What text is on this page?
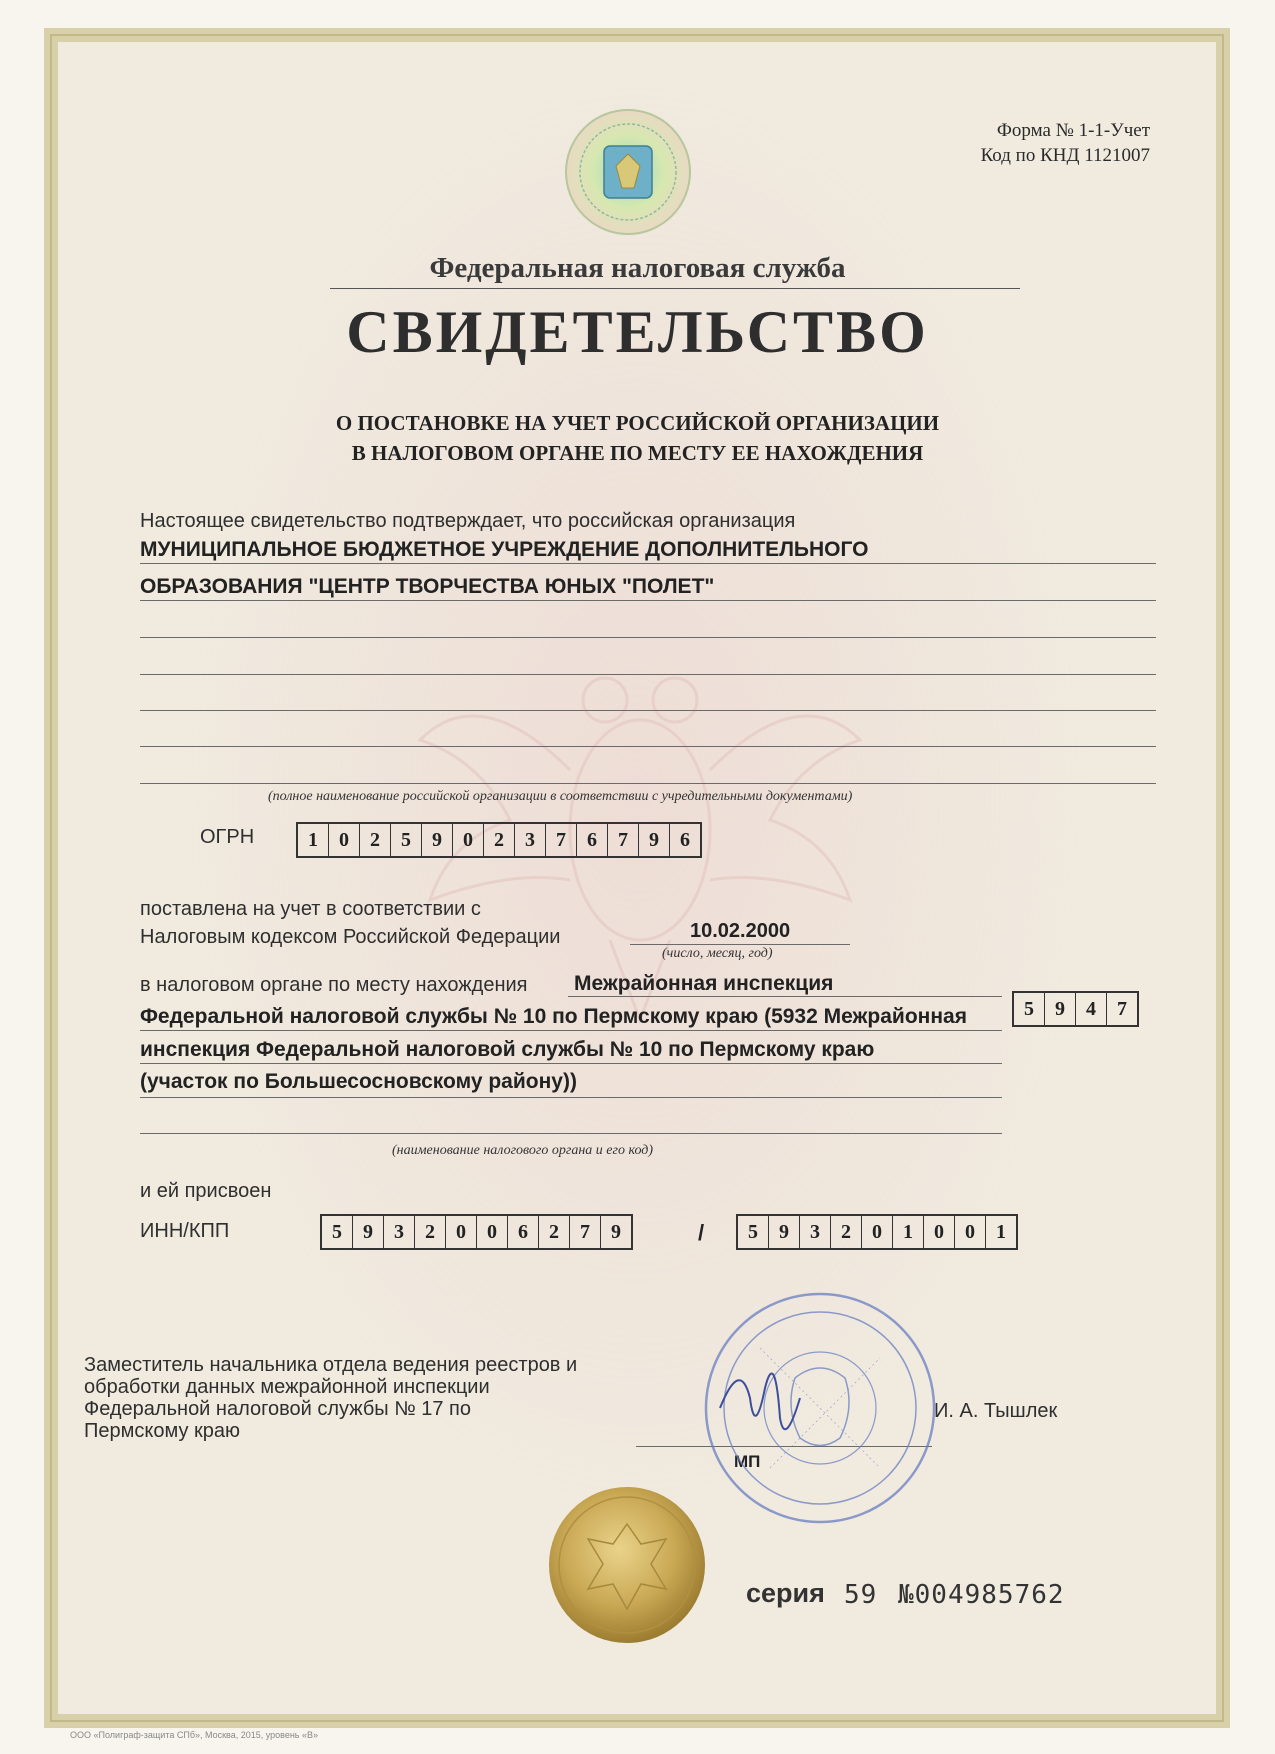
Форма № 1-1-Учет
Код по КНД 1121007
Федеральная налоговая служба
СВИДЕТЕЛЬСТВО
О ПОСТАНОВКЕ НА УЧЕТ РОССИЙСКОЙ ОРГАНИЗАЦИИ
В НАЛОГОВОМ ОРГАНЕ ПО МЕСТУ ЕЕ НАХОЖДЕНИЯ
Настоящее свидетельство подтверждает, что российская организация
МУНИЦИПАЛЬНОЕ БЮДЖЕТНОЕ УЧРЕЖДЕНИЕ ДОПОЛНИТЕЛЬНОГО
ОБРАЗОВАНИЯ "ЦЕНТР ТВОРЧЕСТВА ЮНЫХ "ПОЛЕТ"
(полное наименование российской организации в соответствии с учредительными документами)
ОГРН	1	0	2	5	9	0	2	3	7	6	7	9	6
поставлена на учет в соответствии с
Налоговым кодексом Российской Федерации	10.02.2000
(число, месяц, год)
в налоговом органе по месту нахождения Межрайонная инспекция
Федеральной налоговой службы № 10 по Пермскому краю (5932 Межрайонная	5	9	4	7
инспекция Федеральной налоговой службы № 10 по Пермскому краю
(участок по Большесосновскому району))
(наименование налогового органа и его код)
и ей присвоен
ИНН/КПП	5	9	3	2	0	0	6	2	7	9	/	5	9	3	2	0	1	0	0	1
Заместитель начальника отдела ведения реестров и
обработки данных межрайонной инспекции
Федеральной налоговой службы № 17 по
Пермскому краю
И. А. Тышлек
МП
серия 59 №004985762
ООО «Полиграф-защита СПб», Москва, 2015, уровень «В»
